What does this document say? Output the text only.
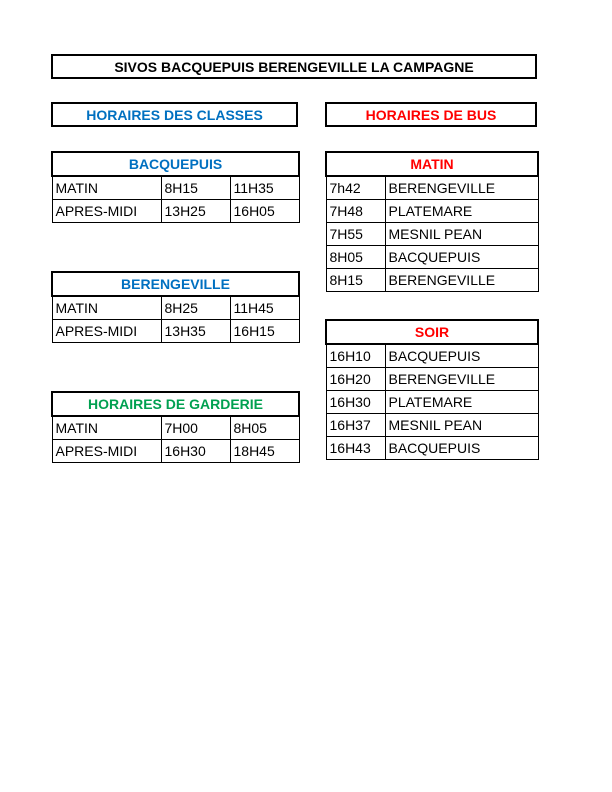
SIVOS BACQUEPUIS BERENGEVILLE LA CAMPAGNE
HORAIRES DES CLASSES	HORAIRES DE BUS
BACQUEPUIS		
MATIN	8H15	11H35
APRES-MIDI	13H25	16H05
BERENGEVILLE		
MATIN	8H25	11H45
APRES-MIDI	13H35	16H15
HORAIRES DE GARDERIE		
MATIN	7H00	8H05
APRES-MIDI	16H30	18H45
MATIN	
7h42	BERENGEVILLE
7H48	PLATEMARE
7H55	MESNIL PEAN
8H05	BACQUEPUIS
8H15	BERENGEVILLE
SOIR	
16H10	BACQUEPUIS
16H20	BERENGEVILLE
16H30	PLATEMARE
16H37	MESNIL PEAN
16H43	BACQUEPUIS
